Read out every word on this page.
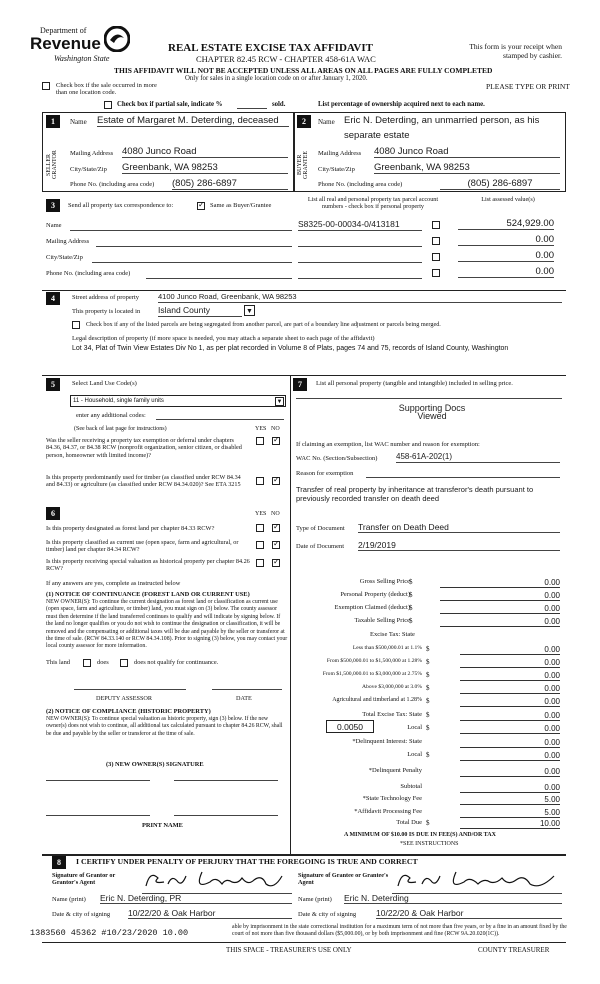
Department of
Revenue
Washington State
REAL ESTATE EXCISE TAX AFFIDAVIT
CHAPTER 82.45 RCW - CHAPTER 458-61A WAC
This form is your receipt when stamped by cashier.
THIS AFFIDAVIT WILL NOT BE ACCEPTED UNLESS ALL AREAS ON ALL PAGES ARE FULLY COMPLETED
Only for sales in a single location code on or after January 1, 2020.
PLEASE TYPE OR PRINT
Check box if the sale occurred in more than one location code.
Check box if partial sale, indicate %	sold.	List percentage of ownership acquired next to each name.
1	2
SELLER GRANTOR	BUYER GRANTEE
Name Estate of Margaret M. Deterding, deceased
Mailing Address 4080 Junco Road
City/State/Zip Greenbank, WA 98253
Phone No. (including area code) (805) 286-6897
Name Eric N. Deterding, an unmarried person, as his separate estate
Mailing Address 4080 Junco Road
City/State/Zip Greenbank, WA 98253
Phone No. (including area code)	(805) 286-6897
3	Send all property tax correspondence to: ✓	Same as Buyer/Grantee
List all real and personal property tax parcel account numbers - check box if personal property
List assessed value(s)
Name
Mailing Address
City/State/Zip
Phone No. (including area code)
S8325-00-00034-0/413181	524,929.00
0.00
0.00
0.00
4	Street address of property	4100 Junco Road, Greenbank, WA 98253
This property is located in Island County	▼
Check box if any of the listed parcels are being segregated from another parcel, are part of a boundary line adjustment or parcels being merged.
Legal description of property (if more space is needed, you may attach a separate sheet to each page of the affidavit)
Lot 34, Plat of Twin View Estates Div No 1, as per plat recorded in Volume 8 of Plats, pages 74 and 75, records of Island County, Washington
5	Select Land Use Code(s)
11 - Household, single family units	▼
enter any additional codes:
(See back of last page for instructions)	YES NO
Was the seller receiving a property tax exemption or deferral under chapters 84.36, 84.37, or 84.38 RCW (nonprofit organization, senior citizen, or disabled person, homeowner with limited income)?
✓
Is this property predominantly used for timber (as classified under RCW 84.34 and 84.33) or agriculture (as classified under RCW 84.34.020)? See ETA 3215
✓
6	YES NO
Is this property designated as forest land per chapter 84.33 RCW?
✓
Is this property classified as current use (open space, farm and agricultural, or timber) land per chapter 84.34 RCW?
✓
Is this property receiving special valuation as historical property per chapter 84.26 RCW?
✓
If any answers are yes, complete as instructed below
(1) NOTICE OF CONTINUANCE (FOREST LAND OR CURRENT USE)
NEW OWNER(S): To continue the current designation as forest land or classification as current use (open space, farm and agriculture, or timber) land, you must sign on (3) below. The county assessor must then determine if the land transferred continues to qualify and will indicate by signing below. If the land no longer qualifies or you do not wish to continue the designation or classification, it will be removed and the compensating or additional taxes will be due and payable by the seller or transferor at the time of sale. (RCW 84.33.140 or RCW 84.34.108). Prior to signing (3) below, you may contact your local county assessor for more information.
This land	does	does not qualify for continuance.
DEPUTY ASSESSOR	DATE
(2) NOTICE OF COMPLIANCE (HISTORIC PROPERTY)
NEW OWNER(S): To continue special valuation as historic property, sign (3) below. If the new owner(s) does not wish to continue, all additional tax calculated pursuant to chapter 84.26 RCW, shall be due and payable by the seller or transferor at the time of sale.
(3) NEW OWNER(S) SIGNATURE
PRINT NAME
7	List all personal property (tangible and intangible) included in selling price.
Supporting Docs Viewed
If claiming an exemption, list WAC number and reason for exemption:
WAC No. (Section/Subsection) 458-61A-202(1)
Reason for exemption
Transfer of real property by inheritance at transferor's death pursuant to previously recorded transfer on death deed
Type of Document Transfer on Death Deed
Date of Document 2/19/2019
Gross Selling Price $	0.00
Personal Property (deduct) $	0.00
Exemption Claimed (deduct) $	0.00
Taxable Selling Price $	0.00
Excise Tax: State
Less than $500,000.01 at 1.1% $	0.00
From $500,000.01 to $1,500,000 at 1.28% $	0.00
From $1,500,000.01 to $3,000,000 at 2.75% $	0.00
Above $3,000,000 at 3.0% $	0.00
Agricultural and timberland at 1.28% $	0.00
Total Excise Tax: State $	0.00
0.0050	Local $	0.00
*Delinquent Interest: State	0.00
Local $	0.00
*Delinquent Penalty	0.00
Subtotal	0.00
*State Technology Fee	5.00
*Affidavit Processing Fee	5.00
Total Due $	10.00
A MINIMUM OF $10.00 IS DUE IN FEE(S) AND/OR TAX
*SEE INSTRUCTIONS
8	I CERTIFY UNDER PENALTY OF PERJURY THAT THE FOREGOING IS TRUE AND CORRECT
Signature of Grantor or Grantor's Agent
Signature of Grantee or Grantee's Agent
Name (print) Eric N. Deterding, PR	Name (print) Eric N. Deterding
Date & city of signing 10/22/20 & Oak Harbor	Date & city of signing 10/22/20 & Oak Harbor
1383560 45362 #10/23/2020 10.00
able by imprisonment in the state correctional institution for a maximum term of not more than five years, or by a fine in an amount fixed by the court of not more than five thousand dollars ($5,000.00), or by both imprisonment and fine (RCW 9A.20.020(1C)).
THIS SPACE - TREASURER'S USE ONLY	COUNTY TREASURER
